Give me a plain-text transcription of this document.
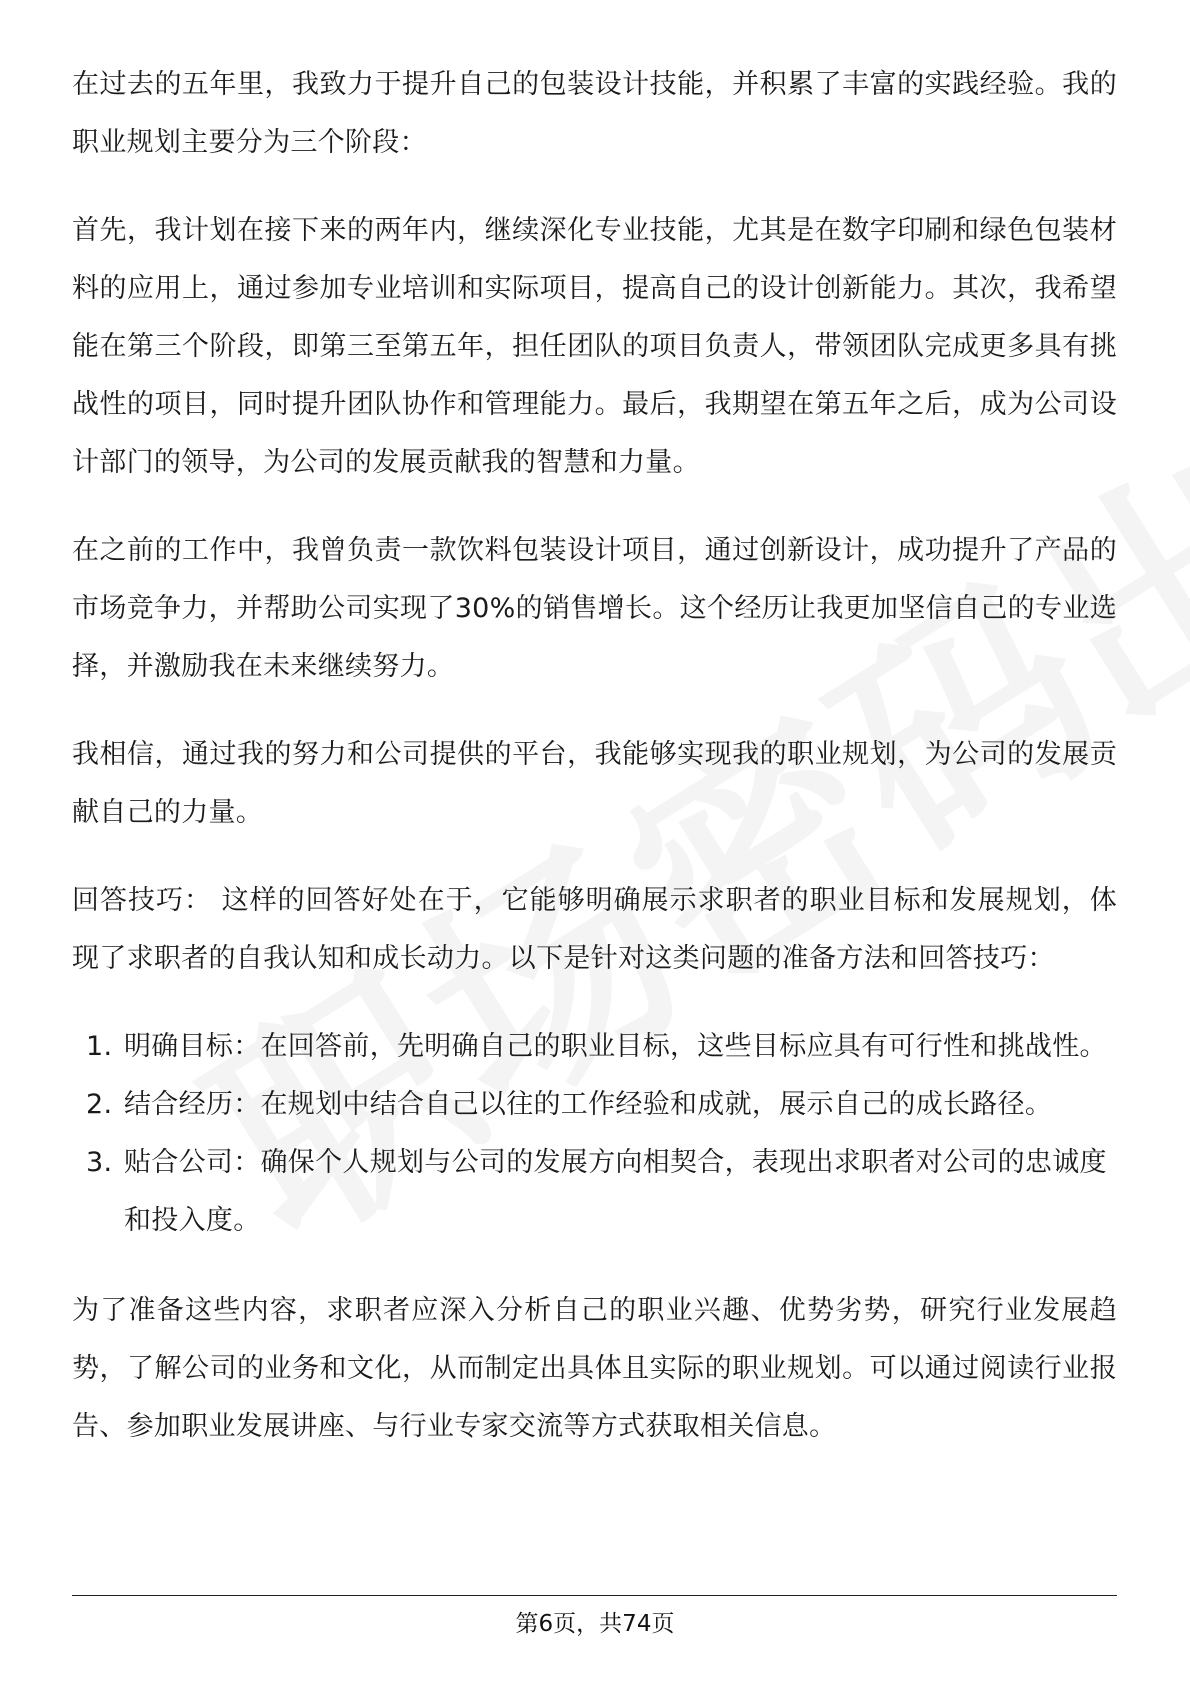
在过去的五年里，我致力于提升自己的包装设计技能，并积累了丰富的实践经验。我的职业规划主要分为三个阶段：

首先，我计划在接下来的两年内，继续深化专业技能，尤其是在数字印刷和绿色包装材料的应用上，通过参加专业培训和实际项目，提高自己的设计创新能力。其次，我希望能在第三个阶段，即第三至第五年，担任团队的项目负责人，带领团队完成更多具有挑战性的项目，同时提升团队协作和管理能力。最后，我期望在第五年之后，成为公司设计部门的领导，为公司的发展贡献我的智慧和力量。

在之前的工作中，我曾负责一款饮料包装设计项目，通过创新设计，成功提升了产品的市场竞争力，并帮助公司实现了30%的销售增长。这个经历让我更加坚信自己的专业选择，并激励我在未来继续努力。

我相信，通过我的努力和公司提供的平台，我能够实现我的职业规划，为公司的发展贡献自己的力量。

回答技巧： 这样的回答好处在于，它能够明确展示求职者的职业目标和发展规划，体现了求职者的自我认知和成长动力。以下是针对这类问题的准备方法和回答技巧：

1. 明确目标：在回答前，先明确自己的职业目标，这些目标应具有可行性和挑战性。
2. 结合经历：在规划中结合自己以往的工作经验和成就，展示自己的成长路径。
3. 贴合公司：确保个人规划与公司的发展方向相契合，表现出求职者对公司的忠诚度和投入度。

为了准备这些内容，求职者应深入分析自己的职业兴趣、优势劣势，研究行业发展趋势，了解公司的业务和文化，从而制定出具体且实际的职业规划。可以通过阅读行业报告、参加职业发展讲座、与行业专家交流等方式获取相关信息。

第6页，共74页
